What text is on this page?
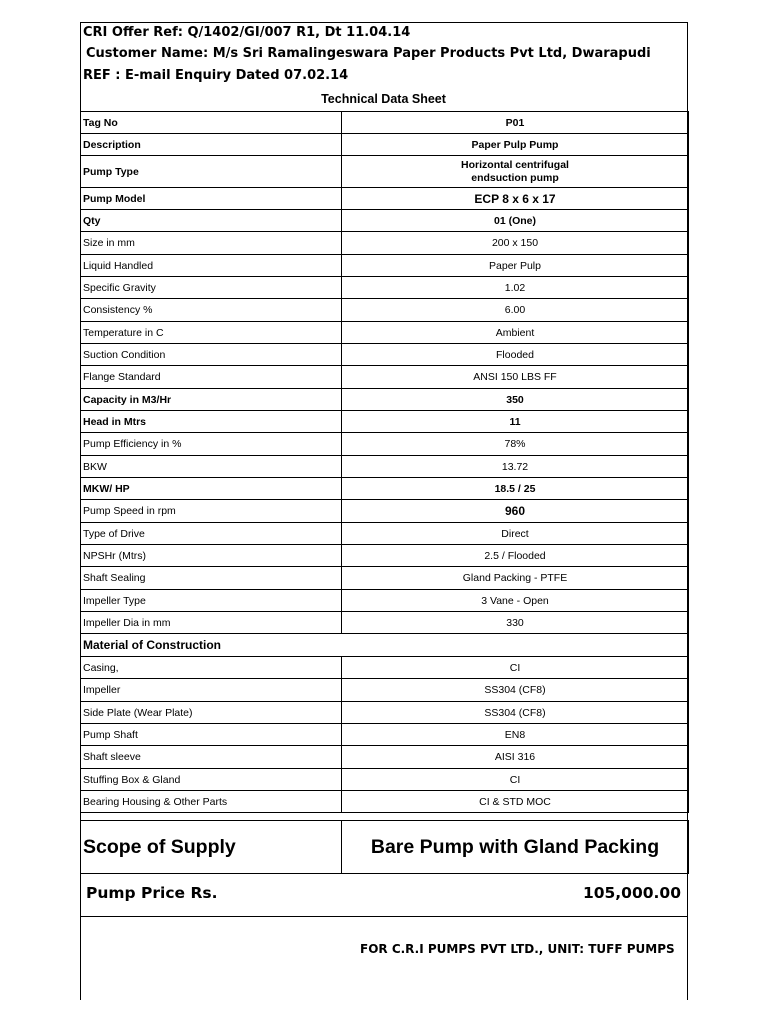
CRI Offer Ref: Q/1402/GI/007 R1, Dt 11.04.14
Customer Name: M/s Sri Ramalingeswara Paper Products Pvt Ltd, Dwarapudi
REF : E-mail Enquiry Dated 07.02.14
Technical Data Sheet
Tag No	P01
Description	Paper Pulp Pump
Pump Type	Horizontal centrifugal
endsuction pump
Pump Model	ECP 8 x 6 x 17
Qty	01 (One)
Size in mm	200 x 150
Liquid Handled	Paper Pulp
Specific Gravity	1.02
Consistency %	6.00
Temperature in C	Ambient
Suction Condition	Flooded
Flange Standard	ANSI 150 LBS FF
Capacity in M3/Hr	350
Head in Mtrs	11
Pump Efficiency in %	78%
BKW	13.72
MKW/ HP	18.5 / 25
Pump Speed in rpm	960
Type of Drive	Direct
NPSHr (Mtrs)	2.5 / Flooded
Shaft Sealing	Gland Packing - PTFE
Impeller Type	3 Vane - Open
Impeller Dia in mm	330
Material of Construction	
Casing,	CI
Impeller	SS304 (CF8)
Side Plate (Wear Plate)	SS304 (CF8)
Pump Shaft	EN8
Shaft sleeve	AISI 316
Stuffing Box & Gland	CI
Bearing Housing & Other Parts	CI & STD MOC
Scope of Supply	Bare Pump with Gland Packing
Pump Price Rs.	105,000.00
FOR C.R.I PUMPS PVT LTD., UNIT: TUFF PUMPS
